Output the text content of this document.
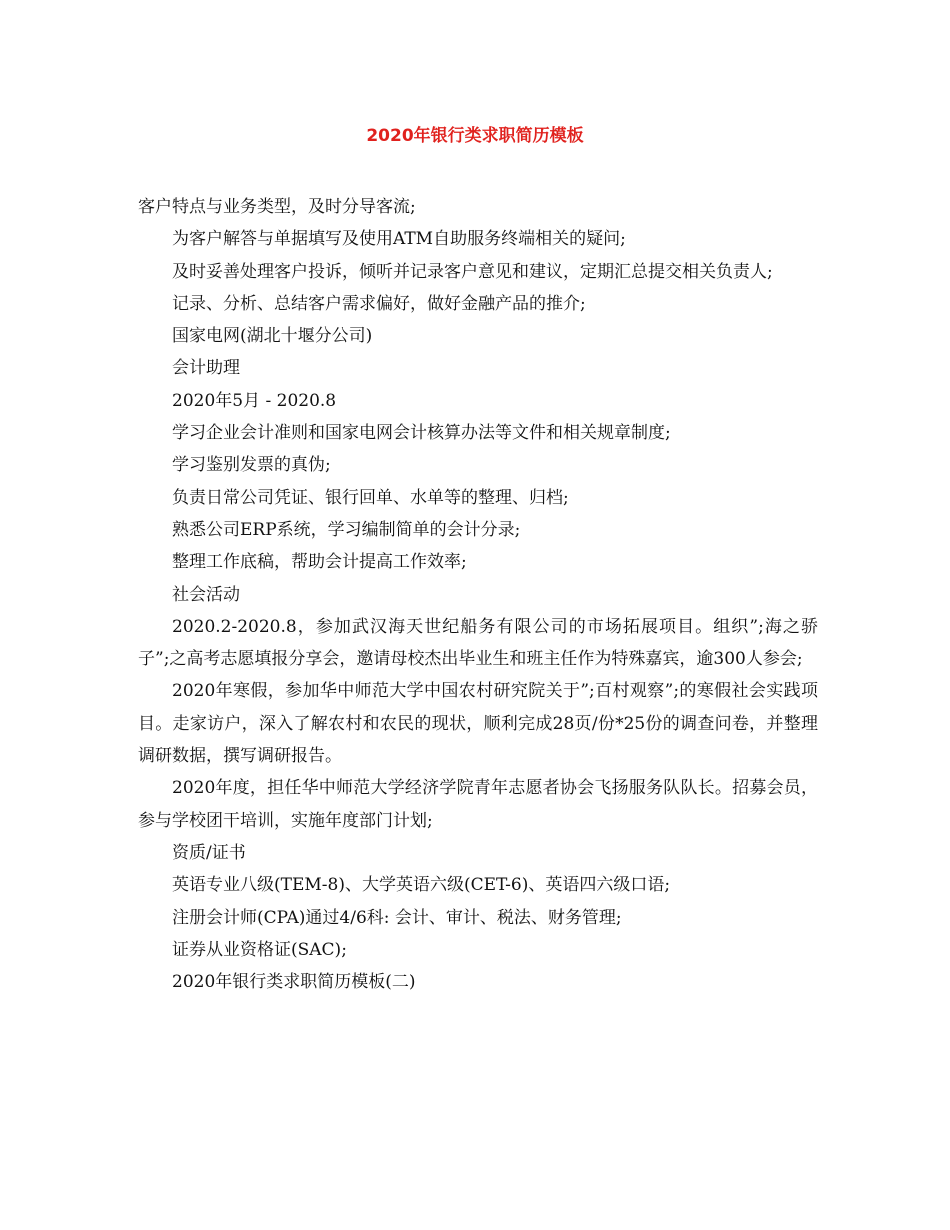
2020年银行类求职简历模板

客户特点与业务类型，及时分导客流;

为客户解答与单据填写及使用ATM自助服务终端相关的疑问;

及时妥善处理客户投诉，倾听并记录客户意见和建议，定期汇总提交相关负责人;

记录、分析、总结客户需求偏好，做好金融产品的推介;

国家电网(湖北十堰分公司)

会计助理

2020年5月 - 2020.8

学习企业会计准则和国家电网会计核算办法等文件和相关规章制度;

学习鉴别发票的真伪;

负责日常公司凭证、银行回单、水单等的整理、归档;

熟悉公司ERP系统，学习编制简单的会计分录;

整理工作底稿，帮助会计提高工作效率;

社会活动

2020.2-2020.8，参加武汉海天世纪船务有限公司的市场拓展项目。组织”;海之骄子”;之高考志愿填报分享会，邀请母校杰出毕业生和班主任作为特殊嘉宾，逾300人参会;

2020年寒假，参加华中师范大学中国农村研究院关于”;百村观察”;的寒假社会实践项目。走家访户，深入了解农村和农民的现状，顺利完成28页/份*25份的调查问卷，并整理调研数据，撰写调研报告。

2020年度，担任华中师范大学经济学院青年志愿者协会飞扬服务队队长。招募会员，参与学校团干培训，实施年度部门计划;

资质/证书

英语专业八级(TEM-8)、大学英语六级(CET-6)、英语四六级口语;

注册会计师(CPA)通过4/6科: 会计、审计、税法、财务管理;

证券从业资格证(SAC);

2020年银行类求职简历模板(二)
